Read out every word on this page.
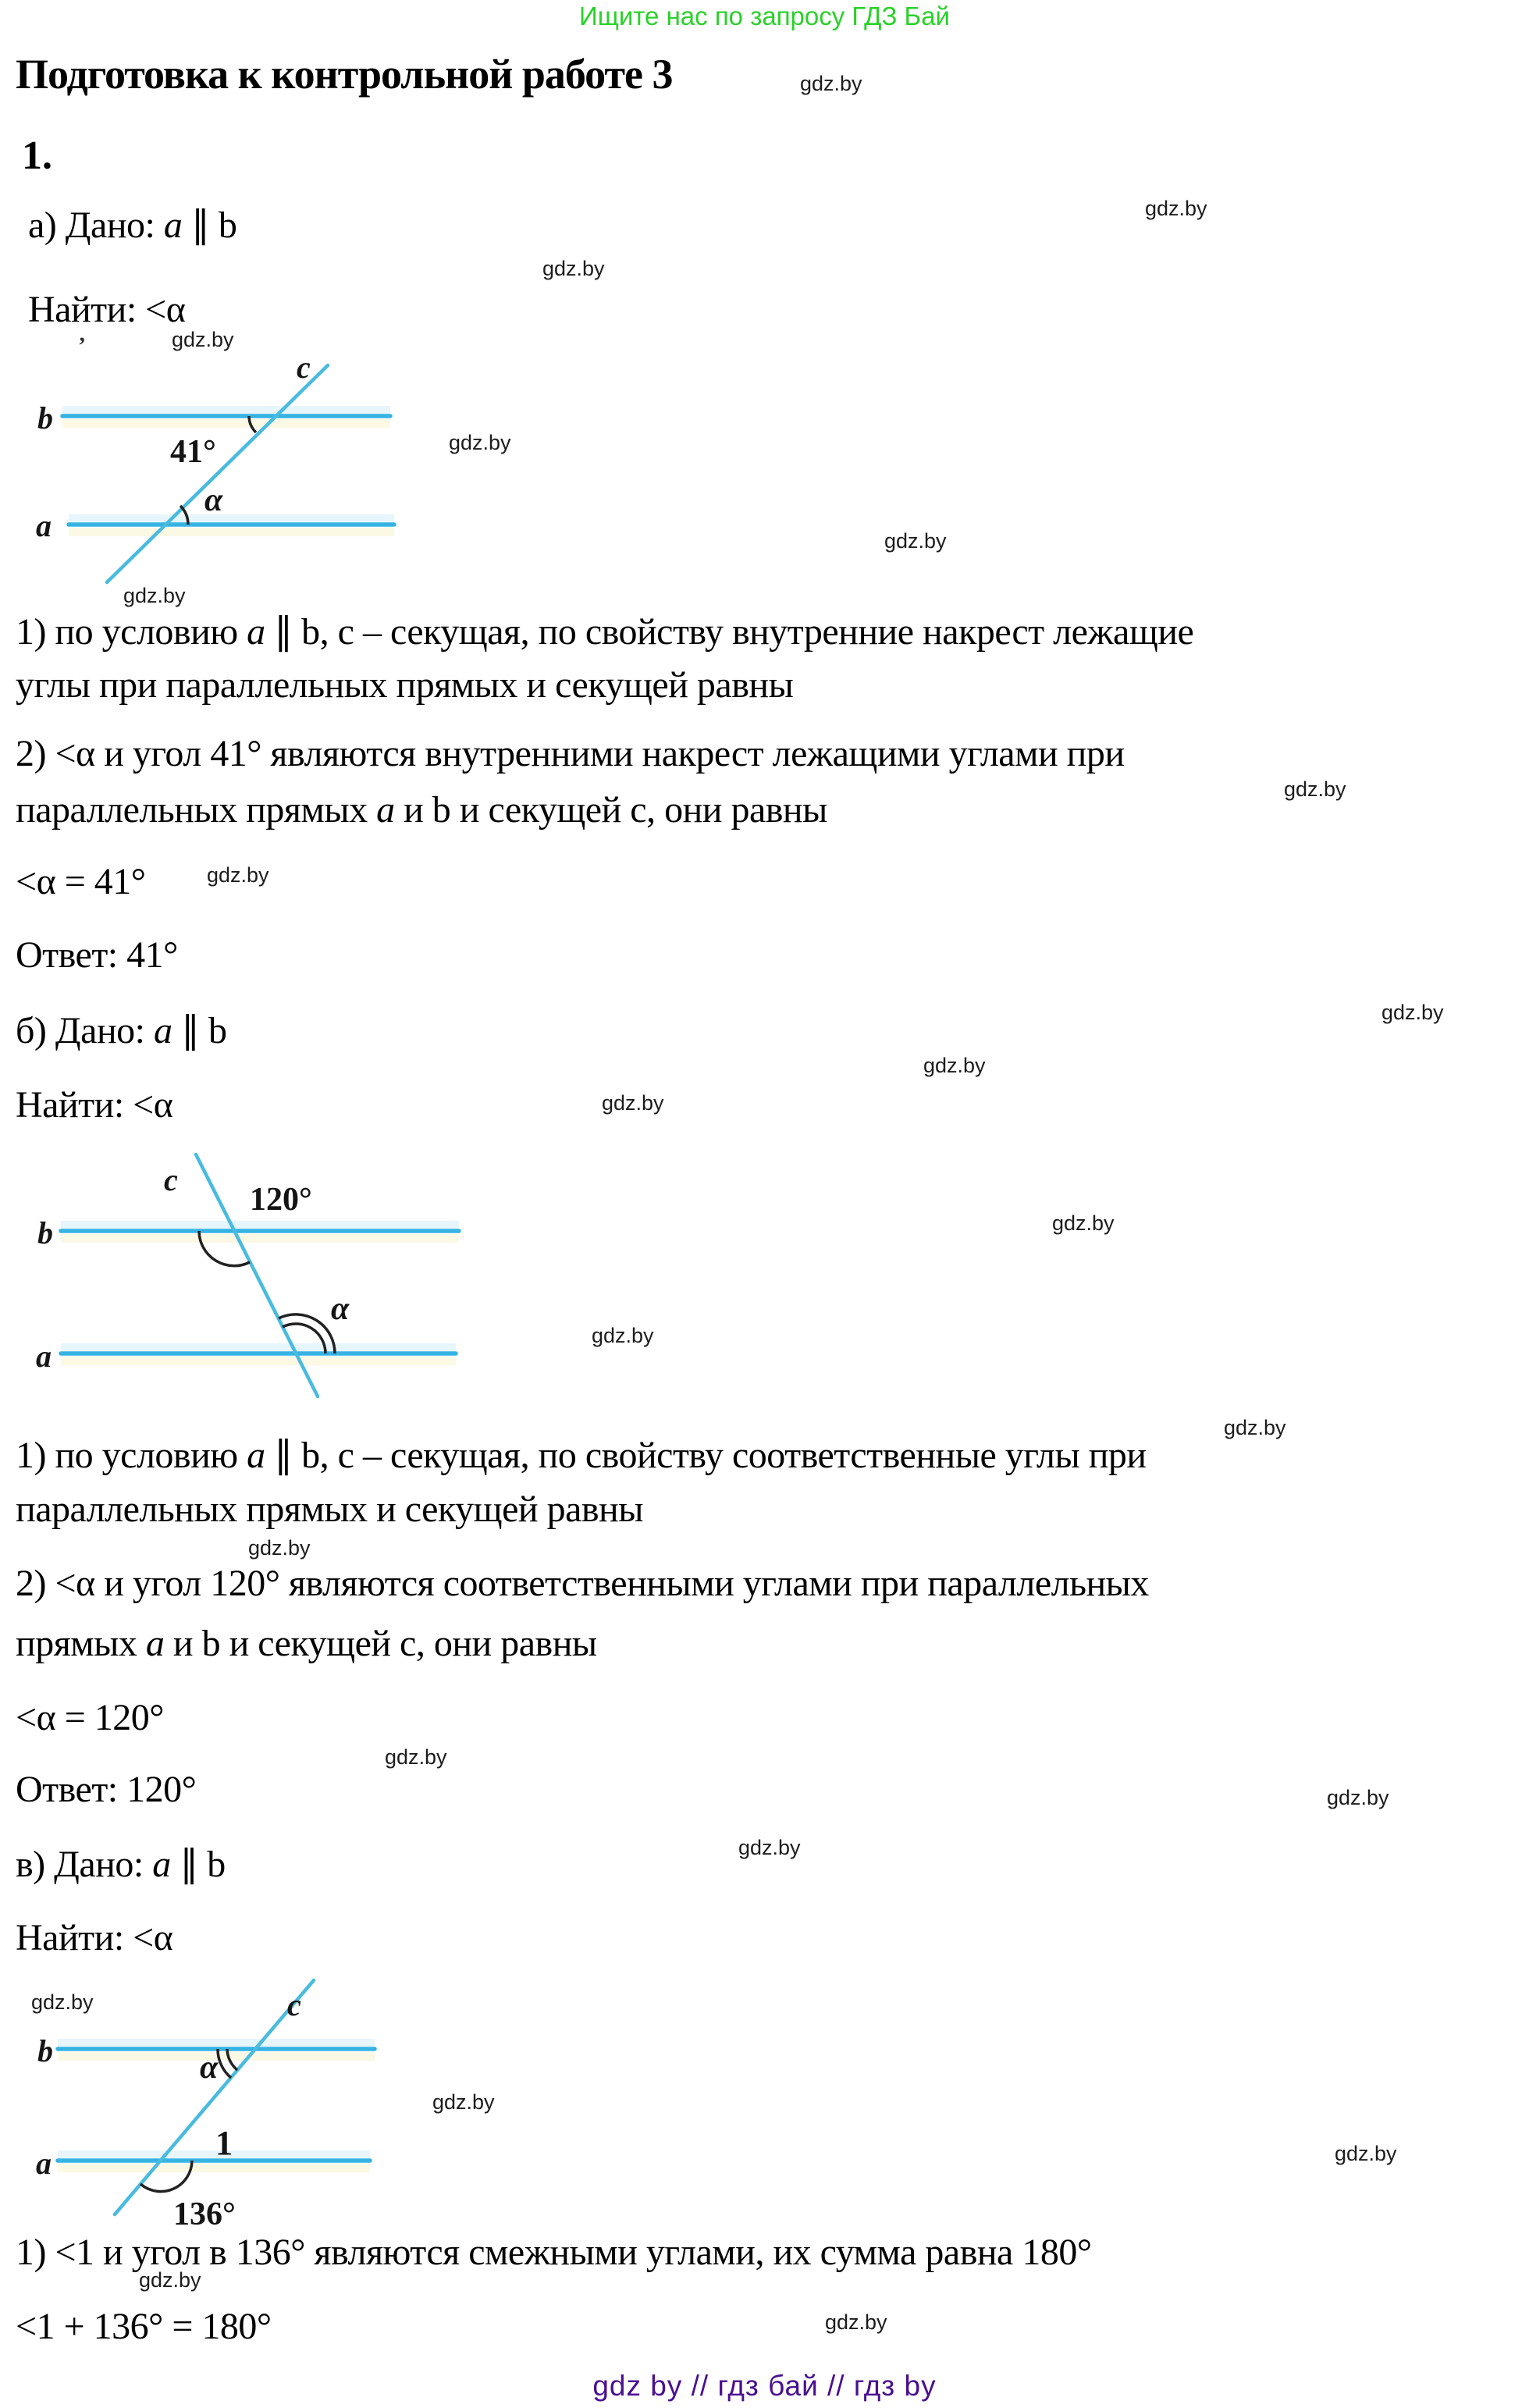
Ищите нас по запросу ГДЗ Бай
Подготовка к контрольной работе 3
1.
а) Дано: а ∥ b
Найти: <α
1) по условию а ∥ b, с – секущая, по свойству внутренние накрест лежащие
углы при параллельных прямых и секущей равны
2) <α и угол 41° являются внутренними накрест лежащими углами при
параллельных прямых а и b и секущей с, они равны
<α = 41°
Ответ: 41°
б) Дано: а ∥ b
Найти: <α
1) по условию а ∥ b, с – секущая, по свойству соответственные углы при
параллельных прямых и секущей равны
2) <α и угол 120° являются соответственными углами при параллельных
прямых а и b и секущей с, они равны
<α = 120°
Ответ: 120°
в) Дано: а ∥ b
Найти: <α
1) <1 и угол в 136° являются смежными углами, их сумма равна 180°
<1 + 136° = 180°
gdz.by
gdz.by
gdz.by
gdz.by
gdz.by
gdz.by
gdz.by
gdz.by
gdz.by
gdz.by
gdz.by
gdz.by
gdz.by
gdz.by
gdz.by
gdz.by
gdz.by
gdz.by
gdz.by
gdz.by
gdz.by
gdz.by
gdz.by
gdz.by
b
a
c
41°
α
’
b
a
c
120°
α
b
a
c
α
1
136°
gdz by // гдз бай // гдз by
